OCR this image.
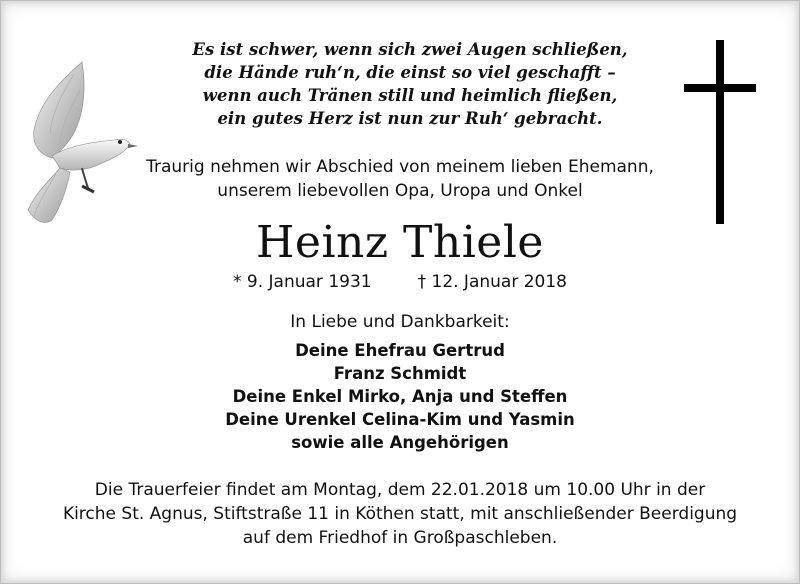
Es ist schwer, wenn sich zwei Augen schließen,
die Hände ruh‘n, die einst so viel geschafft –
wenn auch Tränen still und heimlich fließen,
ein gutes Herz ist nun zur Ruh‘ gebracht.
Traurig nehmen wir Abschied von meinem lieben Ehemann,
unserem liebevollen Opa, Uropa und Onkel
Heinz Thiele
* 9. Januar 1931	† 12. Januar 2018
In Liebe und Dankbarkeit:
Deine Ehefrau Gertrud
Franz Schmidt
Deine Enkel Mirko, Anja und Steffen
Deine Urenkel Celina-Kim und Yasmin
sowie alle Angehörigen
Die Trauerfeier findet am Montag, dem 22.01.2018 um 10.00 Uhr in der
Kirche St. Agnus, Stiftstraße 11 in Köthen statt, mit anschließender Beerdigung
auf dem Friedhof in Großpaschleben.
